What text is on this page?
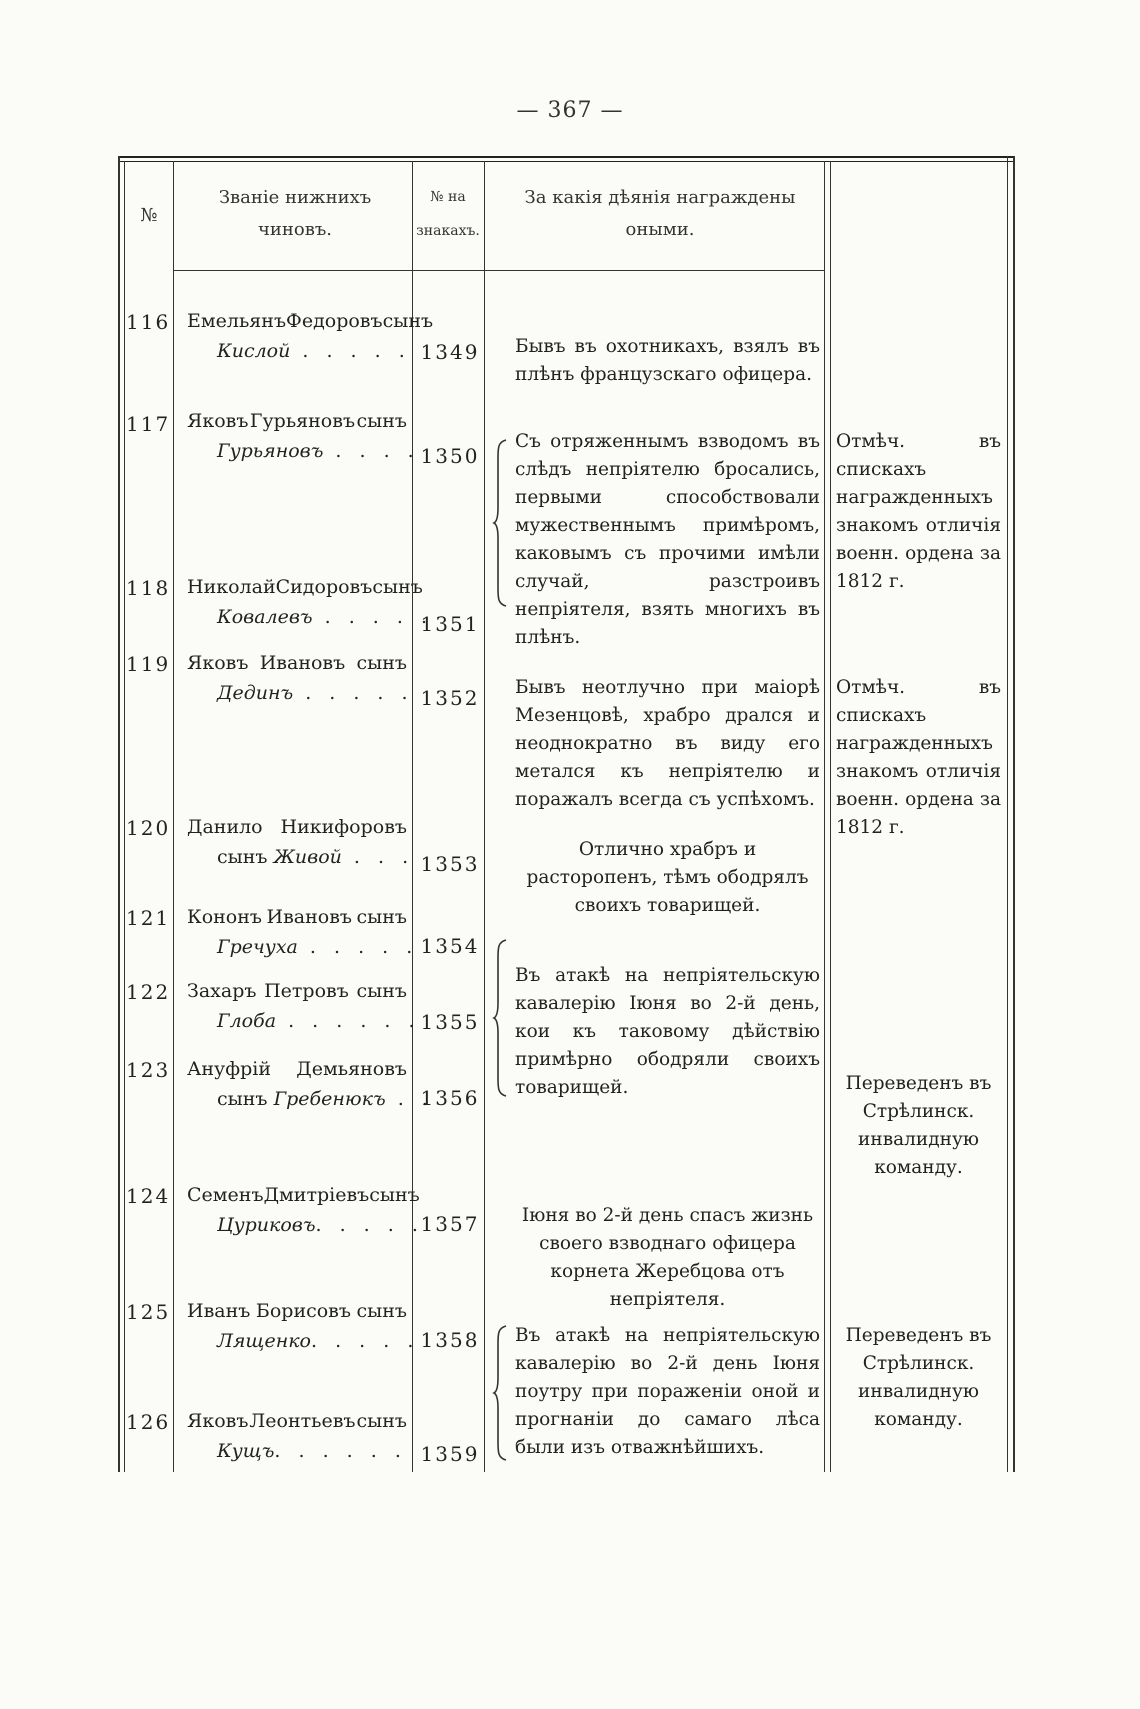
— 367 —
№
Званіе нижнихъ чиновъ.
№ на знакахъ.
За какія дѣянія награждены оными.
116 Емельянъ Федоровъ сынъ
Кислой . . . . . 1349 Бывъ въ охотникахъ, взялъ въ плѣнъ французскаго офицера.
117 Яковъ Гурьяновъ сынъ
Гурьяновъ . . . . 1350
Съ отряженнымъ взводомъ въ слѣдъ непріятелю бросались, первыми способствовали мужественнымъ примѣромъ, каковымъ съ прочими имѣли случай, разстроивъ непріятеля, взять многихъ въ плѣнъ.
Отмѣч. въ спискахъ награжденныхъ знакомъ отличія военн. ордена за 1812 г.
118 Николай Сидоровъ сынъ
Ковалевъ . . . . .
1351
119 Яковъ Ивановъ сынъ
Дединъ . . . . . 1352 Бывъ неотлучно при маіорѣ Мезенцовѣ, храбро дрался и неоднократно въ виду его метался къ непріятелю и поражалъ всегда съ успѣхомъ.
Отмѣч. въ спискахъ награжденныхъ знакомъ отличія военн. ордена за 1812 г.
120 Данило Никифоровъ
сынъ Живой . . . 1353
Отлично храбръ и расторопенъ, тѣмъ ободрялъ своихъ товарищей.
121 Кононъ Ивановъ сынъ
Гречуха . . . . . 1354
Въ атакѣ на непріятельскую кавалерію Іюня во 2-й день, кои къ таковому дѣйствію примѣрно ободряли своихъ товарищей.
122 Захаръ Петровъ сынъ
Глоба . . . . . . 1355
123 Ануфрій Демьяновъ
сынъ Гребенюкъ . .
1356
Переведенъ въ Стрѣлинск. инвалидную команду.
124 Семенъ Дмитріевъ сынъ
Цуриковъ. . . . .
1357	Іюня во 2-й день спасъ жизнь своего взводнаго офицера корнета Жеребцова отъ непріятеля.
125 Иванъ Борисовъ сынъ
Лященко. . . . . 1358 Въ атакѣ на непріятельскую кавалерію во 2-й день Іюня поутру при пораженіи оной и прогнаніи до самаго лѣса были изъ отважнѣйшихъ.
Переведенъ въ Стрѣлинск. инвалидную команду.
126 Яковъ Леонтьевъ сынъ
Кущъ. . . . . . 1359
